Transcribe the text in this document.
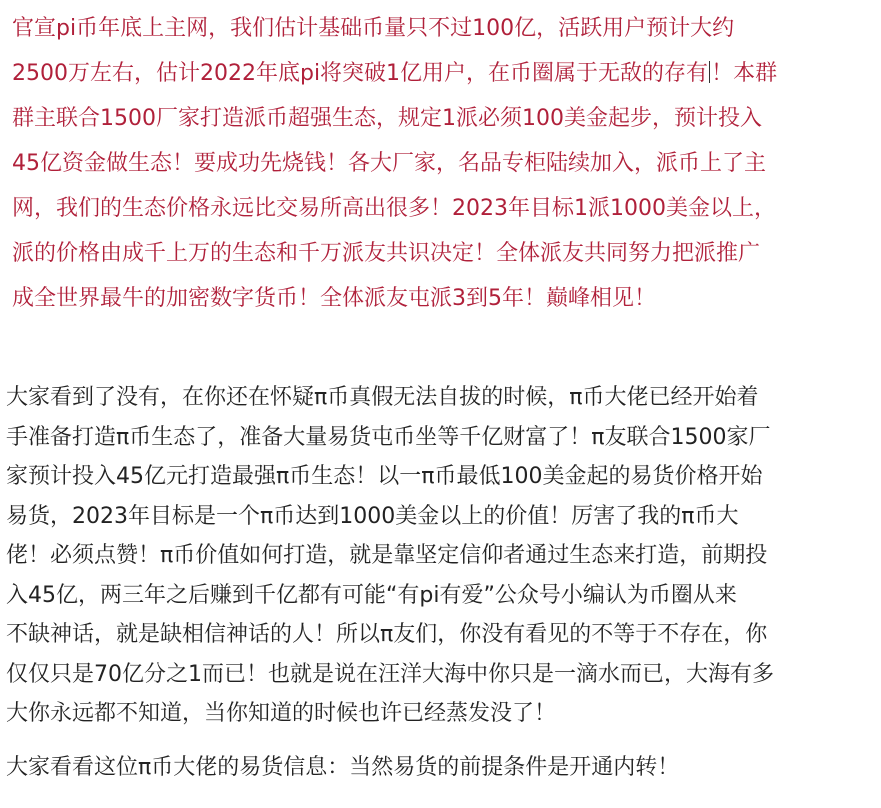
官宣pi币年底上主网，我们估计基础币量只不过100亿，活跃用户预计大约
2500万左右，估计2022年底pi将突破1亿用户，在币圈属于无敌的存有 ！本群
群主联合1500厂家打造派币超强生态，规定1派必须100美金起步，预计投入
45亿资金做生态！要成功先烧钱！各大厂家，名品专柜陆续加入，派币上了主
网，我们的生态价格永远比交易所高出很多！2023年目标1派1000美金以上，
派的价格由成千上万的生态和千万派友共识决定！全体派友共同努力把派推广
成全世界最牛的加密数字货币！全体派友屯派3到5年！巅峰相见！
大家看到了没有，在你还在怀疑π币真假无法自拔的时候，π币大佬已经开始着
手准备打造π币生态了，准备大量易货屯币坐等千亿财富了！π友联合1500家厂
家预计投入45亿元打造最强π币生态！以一π币最低100美金起的易货价格开始
易货，2023年目标是一个π币达到1000美金以上的价值！厉害了我的π币大
佬！必须点赞！π币价值如何打造，就是靠坚定信仰者通过生态来打造，前期投
入45亿，两三年之后赚到千亿都有可能“有pi有爱”公众号小编认为币圈从来
不缺神话，就是缺相信神话的人！所以π友们，你没有看见的不等于不存在，你
仅仅只是70亿分之1而已！也就是说在汪洋大海中你只是一滴水而已，大海有多
大你永远都不知道，当你知道的时候也许已经蒸发没了！
大家看看这位π币大佬的易货信息：当然易货的前提条件是开通内转！
